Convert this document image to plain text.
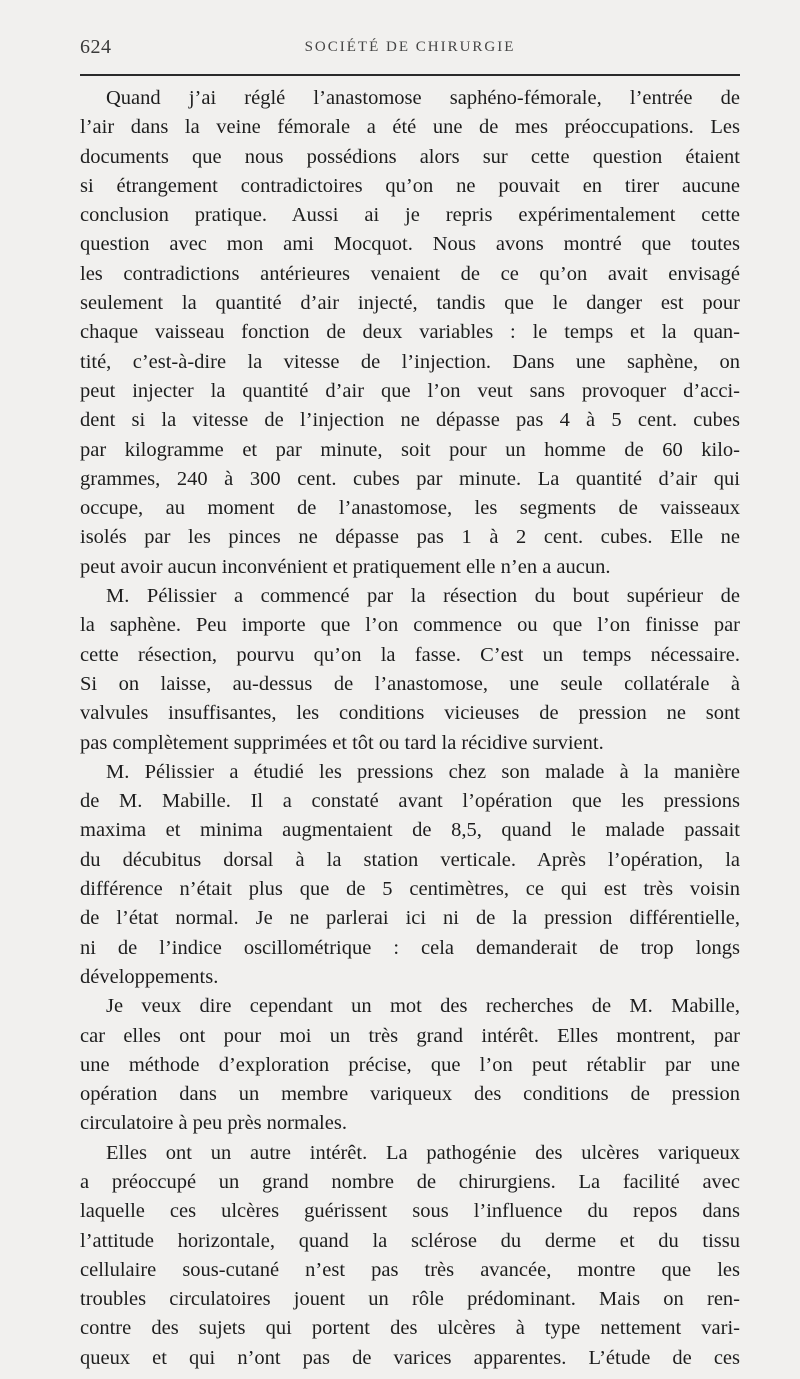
624	SOCIÉTÉ DE CHIRURGIE
Quand j’ai réglé l’anastomose saphéno-fémorale, l’entrée de
l’air dans la veine fémorale a été une de mes préoccupations. Les
documents que nous possédions alors sur cette question étaient
si étrangement contradictoires qu’on ne pouvait en tirer aucune
conclusion pratique. Aussi ai je repris expérimentalement cette
question avec mon ami Mocquot. Nous avons montré que toutes
les contradictions antérieures venaient de ce qu’on avait envisagé
seulement la quantité d’air injecté, tandis que le danger est pour
chaque vaisseau fonction de deux variables : le temps et la quan-
tité, c’est-à-dire la vitesse de l’injection. Dans une saphène, on
peut injecter la quantité d’air que l’on veut sans provoquer d’acci-
dent si la vitesse de l’injection ne dépasse pas 4 à 5 cent. cubes
par kilogramme et par minute, soit pour un homme de 60 kilo-
grammes, 240 à 300 cent. cubes par minute. La quantité d’air qui
occupe, au moment de l’anastomose, les segments de vaisseaux
isolés par les pinces ne dépasse pas 1 à 2 cent. cubes. Elle ne
peut avoir aucun inconvénient et pratiquement elle n’en a aucun.
M. Pélissier a commencé par la résection du bout supérieur de
la saphène. Peu importe que l’on commence ou que l’on finisse par
cette résection, pourvu qu’on la fasse. C’est un temps nécessaire.
Si on laisse, au-dessus de l’anastomose, une seule collatérale à
valvules insuffisantes, les conditions vicieuses de pression ne sont
pas complètement supprimées et tôt ou tard la récidive survient.
M. Pélissier a étudié les pressions chez son malade à la manière
de M. Mabille. Il a constaté avant l’opération que les pressions
maxima et minima augmentaient de 8,5, quand le malade passait
du décubitus dorsal à la station verticale. Après l’opération, la
différence n’était plus que de 5 centimètres, ce qui est très voisin
de l’état normal. Je ne parlerai ici ni de la pression différentielle,
ni de l’indice oscillométrique : cela demanderait de trop longs
développements.
Je veux dire cependant un mot des recherches de M. Mabille,
car elles ont pour moi un très grand intérêt. Elles montrent, par
une méthode d’exploration précise, que l’on peut rétablir par une
opération dans un membre variqueux des conditions de pression
circulatoire à peu près normales.
Elles ont un autre intérêt. La pathogénie des ulcères variqueux
a préoccupé un grand nombre de chirurgiens. La facilité avec
laquelle ces ulcères guérissent sous l’influence du repos dans
l’attitude horizontale, quand la sclérose du derme et du tissu
cellulaire sous-cutané n’est pas très avancée, montre que les
troubles circulatoires jouent un rôle prédominant. Mais on ren-
contre des sujets qui portent des ulcères à type nettement vari-
queux et qui n’ont pas de varices apparentes. L’étude de ces
